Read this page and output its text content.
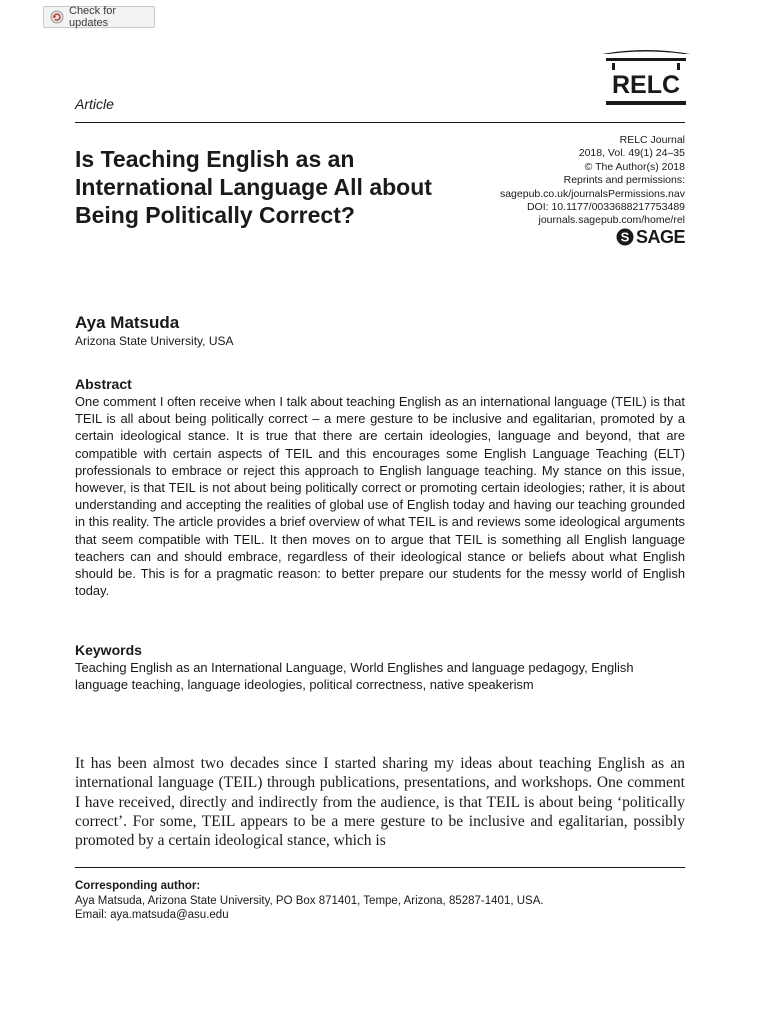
Check for updates
RELC
Article
Is Teaching English as an International Language All about Being Politically Correct?
RELC Journal
2018, Vol. 49(1) 24–35
© The Author(s) 2018
Reprints and permissions:
sagepub.co.uk/journalsPermissions.nav
DOI: 10.1177/0033688217753489
journals.sagepub.com/home/rel
S SAGE
Aya Matsuda
Arizona State University, USA
Abstract

One comment I often receive when I talk about teaching English as an international language (TEIL) is that TEIL is all about being politically correct – a mere gesture to be inclusive and egalitarian, promoted by a certain ideological stance. It is true that there are certain ideologies, language and beyond, that are compatible with certain aspects of TEIL and this encourages some English Language Teaching (ELT) professionals to embrace or reject this approach to English language teaching. My stance on this issue, however, is that TEIL is not about being politically correct or promoting certain ideologies; rather, it is about understanding and accepting the realities of global use of English today and having our teaching grounded in this reality. The article provides a brief overview of what TEIL is and reviews some ideological arguments that seem compatible with TEIL. It then moves on to argue that TEIL is something all English language teachers can and should embrace, regardless of their ideological stance or beliefs about what English should be. This is for a pragmatic reason: to better prepare our students for the messy world of English today.

Keywords

Teaching English as an International Language, World Englishes and language pedagogy, English language teaching, language ideologies, political correctness, native speakerism

It has been almost two decades since I started sharing my ideas about teaching English as an international language (TEIL) through publications, presentations, and workshops. One comment I have received, directly and indirectly from the audience, is that TEIL is about being ‘politically correct’. For some, TEIL appears to be a mere gesture to be inclusive and egalitarian, possibly promoted by a certain ideological stance, which is

Corresponding author:
Aya Matsuda, Arizona State University, PO Box 871401, Tempe, Arizona, 85287-1401, USA.
Email: aya.matsuda@asu.edu
